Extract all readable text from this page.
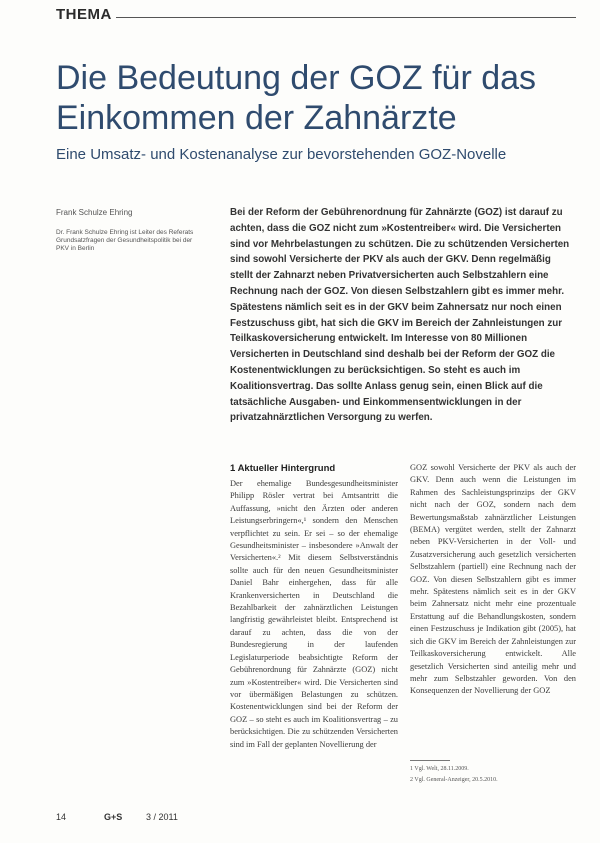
THEMA
Die Bedeutung der GOZ für das
Einkommen der Zahnärzte
Eine Umsatz- und Kostenanalyse zur bevorstehenden GOZ-Novelle
Frank Schulze Ehring
Dr. Frank Schulze Ehring ist Leiter des Referats Grundsatzfragen der Gesundheitspolitik bei der PKV in Berlin

Bei der Reform der Gebührenordnung für Zahnärzte (GOZ) ist darauf zu achten, dass die GOZ nicht zum »Kostentreiber« wird. Die Versicherten sind vor Mehrbelastungen zu schützen. Die zu schützenden Versicherten sind sowohl Versicherte der PKV als auch der GKV. Denn regelmäßig stellt der Zahnarzt neben Privatversicherten auch Selbstzahlern eine Rechnung nach der GOZ. Von diesen Selbstzahlern gibt es immer mehr. Spätestens nämlich seit es in der GKV beim Zahnersatz nur noch einen Festzuschuss gibt, hat sich die GKV im Bereich der Zahnleistungen zur Teilkaskoversicherung entwickelt. Im Interesse von 80 Millionen Versicherten in Deutschland sind deshalb bei der Reform der GOZ die Kostenentwicklungen zu berücksichtigen. So steht es auch im Koalitionsvertrag. Das sollte Anlass genug sein, einen Blick auf die tatsächliche Ausgaben- und Einkommensentwicklungen in der privatzahnärztlichen Versorgung zu werfen.

1 Aktueller Hintergrund

Der ehemalige Bundesgesundheitsminister Philipp Rösler vertrat bei Amtsantritt die Auffassung, »nicht den Ärzten oder anderen Leistungserbringern«,¹ sondern den Menschen verpflichtet zu sein. Er sei – so der ehemalige Gesundheitsminister – insbesondere »Anwalt der Versicherten«.² Mit diesem Selbstverständnis sollte auch für den neuen Gesundheitsminister Daniel Bahr einhergehen, dass für alle Krankenversicherten in Deutschland die Bezahlbarkeit der zahnärztlichen Leistungen langfristig gewährleistet bleibt. Entsprechend ist darauf zu achten, dass die von der Bundesregierung in der laufenden Legislaturperiode beabsichtigte Reform der Gebührenordnung für Zahnärzte (GOZ) nicht zum »Kostentreiber« wird. Die Versicherten sind vor übermäßigen Belastungen zu schützen. Kostenentwicklungen sind bei der Reform der GOZ – so steht es auch im Koalitionsvertrag – zu berücksichtigen. Die zu schützenden Versicherten sind im Fall der geplanten Novellierung der

GOZ sowohl Versicherte der PKV als auch der GKV. Denn auch wenn die Leistungen im Rahmen des Sachleistungsprinzips der GKV nicht nach der GOZ, sondern nach dem Bewertungsmaßstab zahnärztlicher Leistungen (BEMA) vergütet werden, stellt der Zahnarzt neben PKV-Versicherten in der Voll- und Zusatzversicherung auch gesetzlich versicherten Selbstzahlern (partiell) eine Rechnung nach der GOZ. Von diesen Selbstzahlern gibt es immer mehr. Spätestens nämlich seit es in der GKV beim Zahnersatz nicht mehr eine prozentuale Erstattung auf die Behandlungskosten, sondern einen Festzuschuss je Indikation gibt (2005), hat sich die GKV im Bereich der Zahnleistungen zur Teilkaskoversicherung entwickelt. Alle gesetzlich Versicherten sind anteilig mehr und mehr zum Selbstzahler geworden. Von den Konsequenzen der Novellierung der GOZ

1 Vgl. Welt, 28.11.2009.
2 Vgl. General-Anzeiger, 20.5.2010.
14	G+S	3 / 2011
